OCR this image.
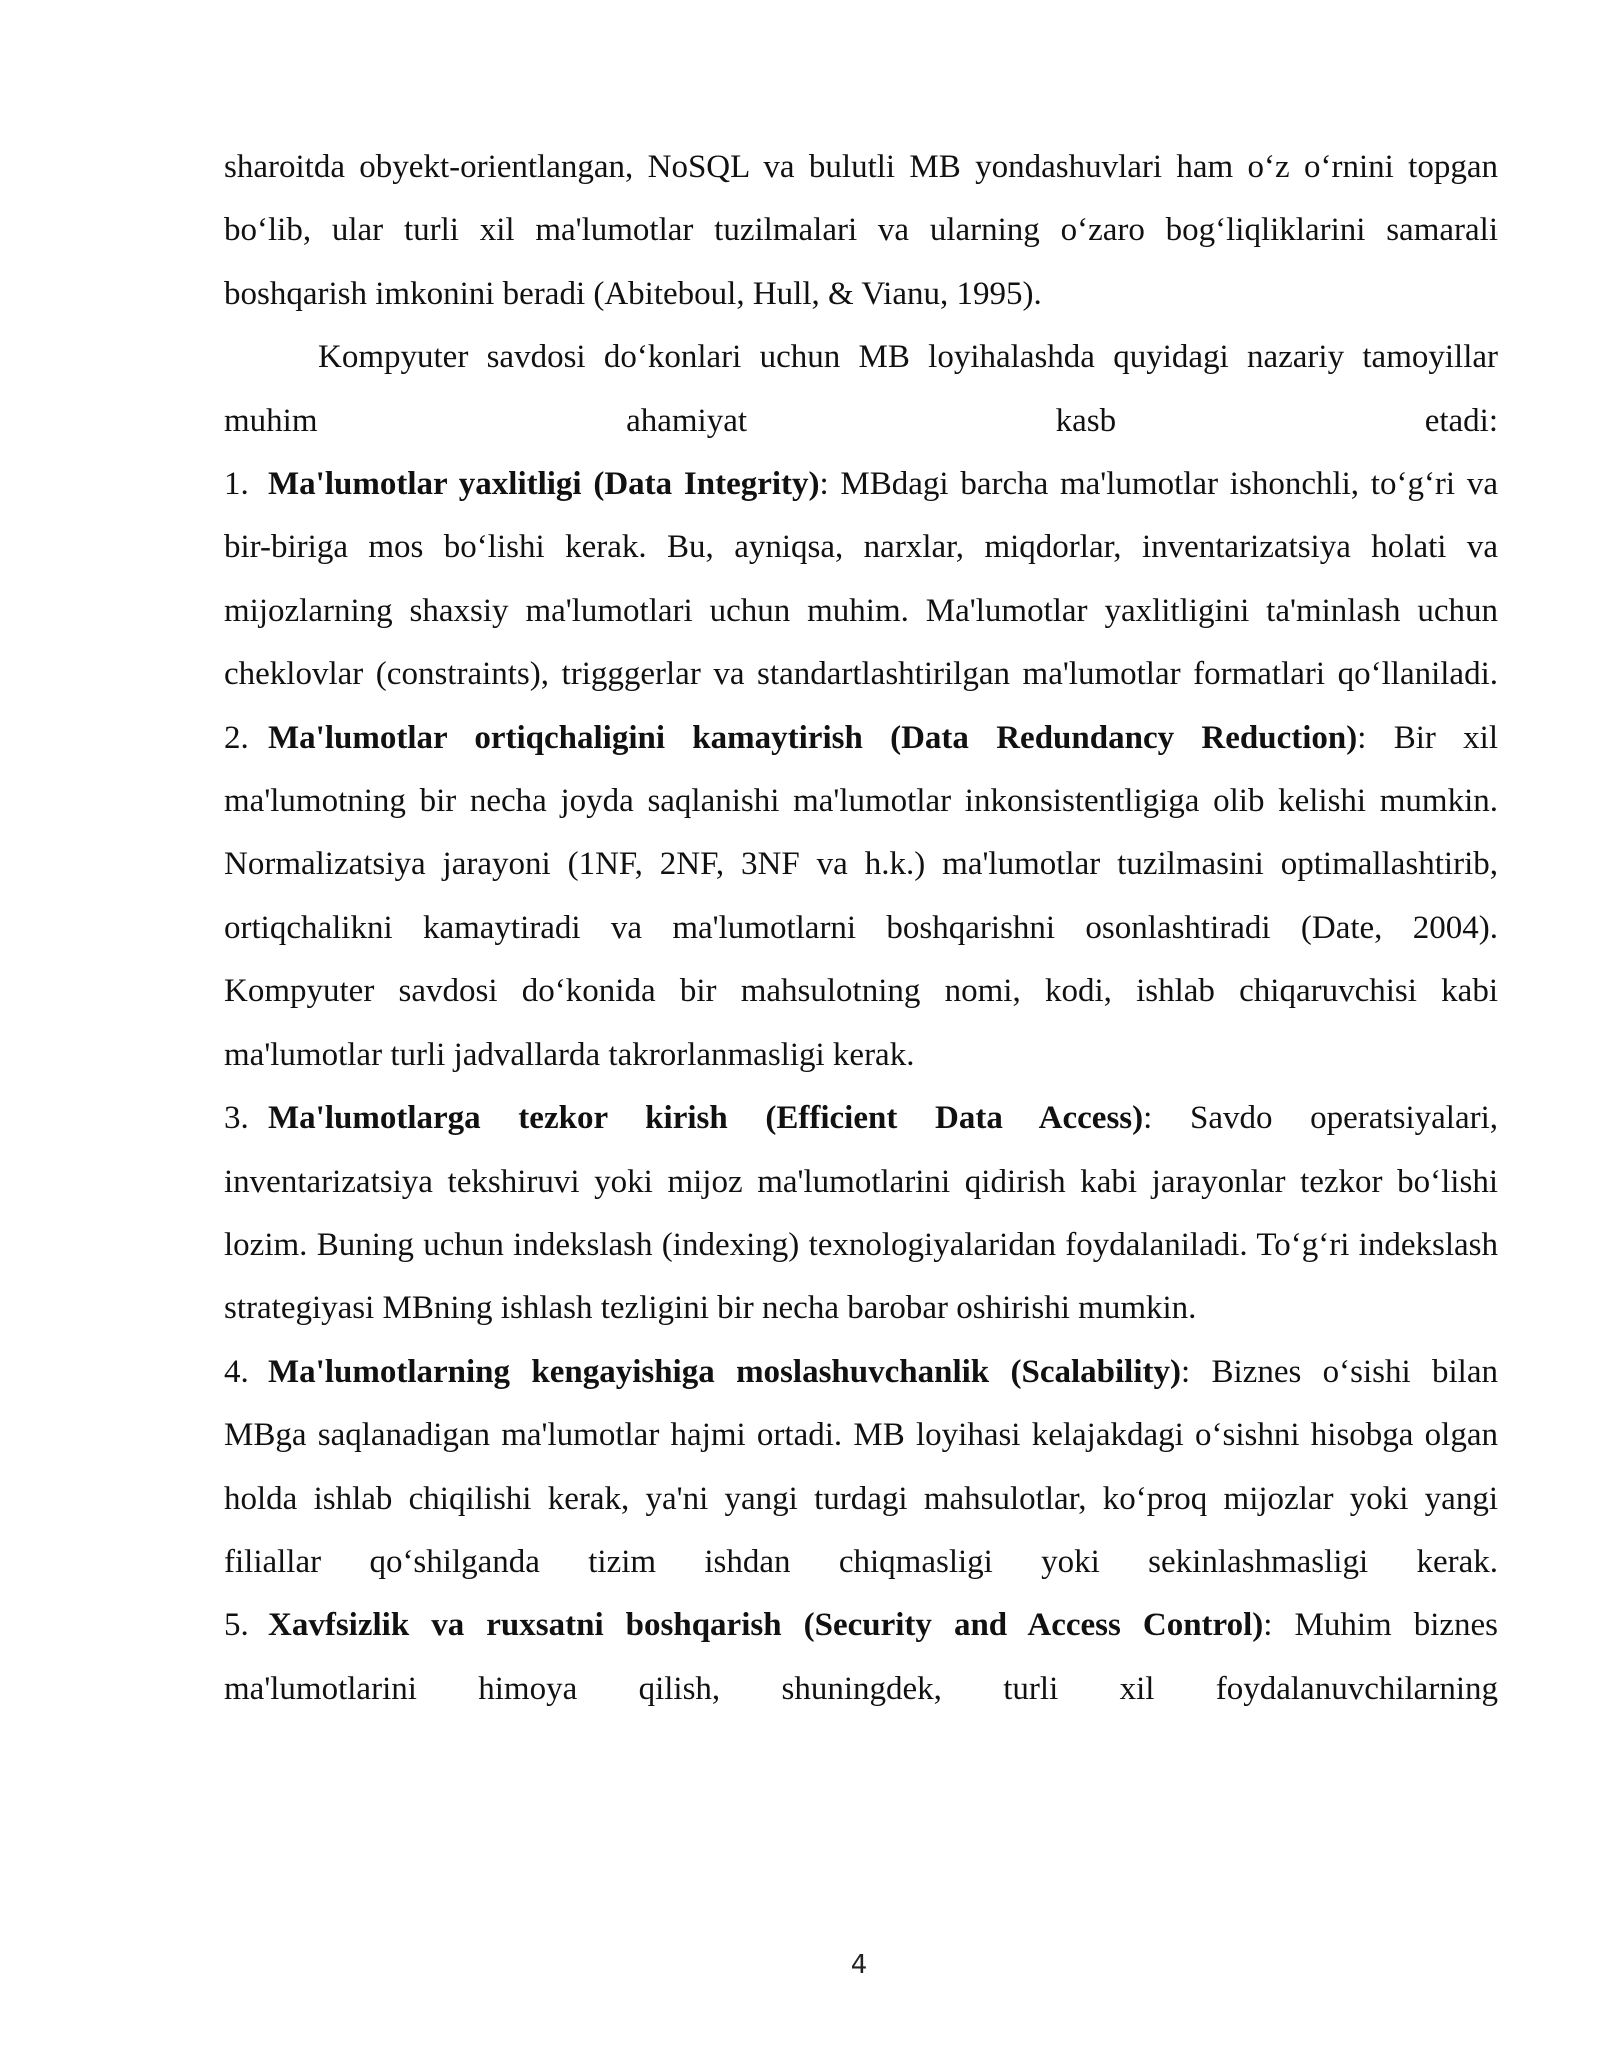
sharoitda obyekt-orientlangan, NoSQL va bulutli MB yondashuvlari ham o‘z o‘rnini topgan bo‘lib, ular turli xil ma'lumotlar tuzilmalari va ularning o‘zaro bog‘liqliklarini samarali boshqarish imkonini beradi (Abiteboul, Hull, & Vianu, 1995).

Kompyuter savdosi do‘konlari uchun MB loyihalashda quyidagi nazariy tamoyillar muhim ahamiyat kasb etadi:

1. Ma'lumotlar yaxlitligi (Data Integrity): MBdagi barcha ma'lumotlar ishonchli, to‘g‘ri va bir-biriga mos bo‘lishi kerak. Bu, ayniqsa, narxlar, miqdorlar, inventarizatsiya holati va mijozlarning shaxsiy ma'lumotlari uchun muhim. Ma'lumotlar yaxlitligini ta'minlash uchun cheklovlar (constraints), trigggerlar va standartlashtirilgan ma'lumotlar formatlari qo‘llaniladi.

2. Ma'lumotlar ortiqchaligini kamaytirish (Data Redundancy Reduction): Bir xil ma'lumotning bir necha joyda saqlanishi ma'lumotlar inkonsistentligiga olib kelishi mumkin. Normalizatsiya jarayoni (1NF, 2NF, 3NF va h.k.) ma'lumotlar tuzilmasini optimallashtirib, ortiqchalikni kamaytiradi va ma'lumotlarni boshqarishni osonlashtiradi (Date, 2004). Kompyuter savdosi do‘konida bir mahsulotning nomi, kodi, ishlab chiqaruvchisi kabi ma'lumotlar turli jadvallarda takrorlanmasligi kerak.

3. Ma'lumotlarga tezkor kirish (Efficient Data Access): Savdo operatsiyalari, inventarizatsiya tekshiruvi yoki mijoz ma'lumotlarini qidirish kabi jarayonlar tezkor bo‘lishi lozim. Buning uchun indekslash (indexing) texnologiyalaridan foydalaniladi. To‘g‘ri indekslash strategiyasi MBning ishlash tezligini bir necha barobar oshirishi mumkin.

4. Ma'lumotlarning kengayishiga moslashuvchanlik (Scalability): Biznes o‘sishi bilan MBga saqlanadigan ma'lumotlar hajmi ortadi. MB loyihasi kelajakdagi o‘sishni hisobga olgan holda ishlab chiqilishi kerak, ya'ni yangi turdagi mahsulotlar, ko‘proq mijozlar yoki yangi filiallar qo‘shilganda tizim ishdan chiqmasligi yoki sekinlashmasligi kerak.

5. Xavfsizlik va ruxsatni boshqarish (Security and Access Control): Muhim biznes ma'lumotlarini himoya qilish, shuningdek, turli xil foydalanuvchilarning

4
